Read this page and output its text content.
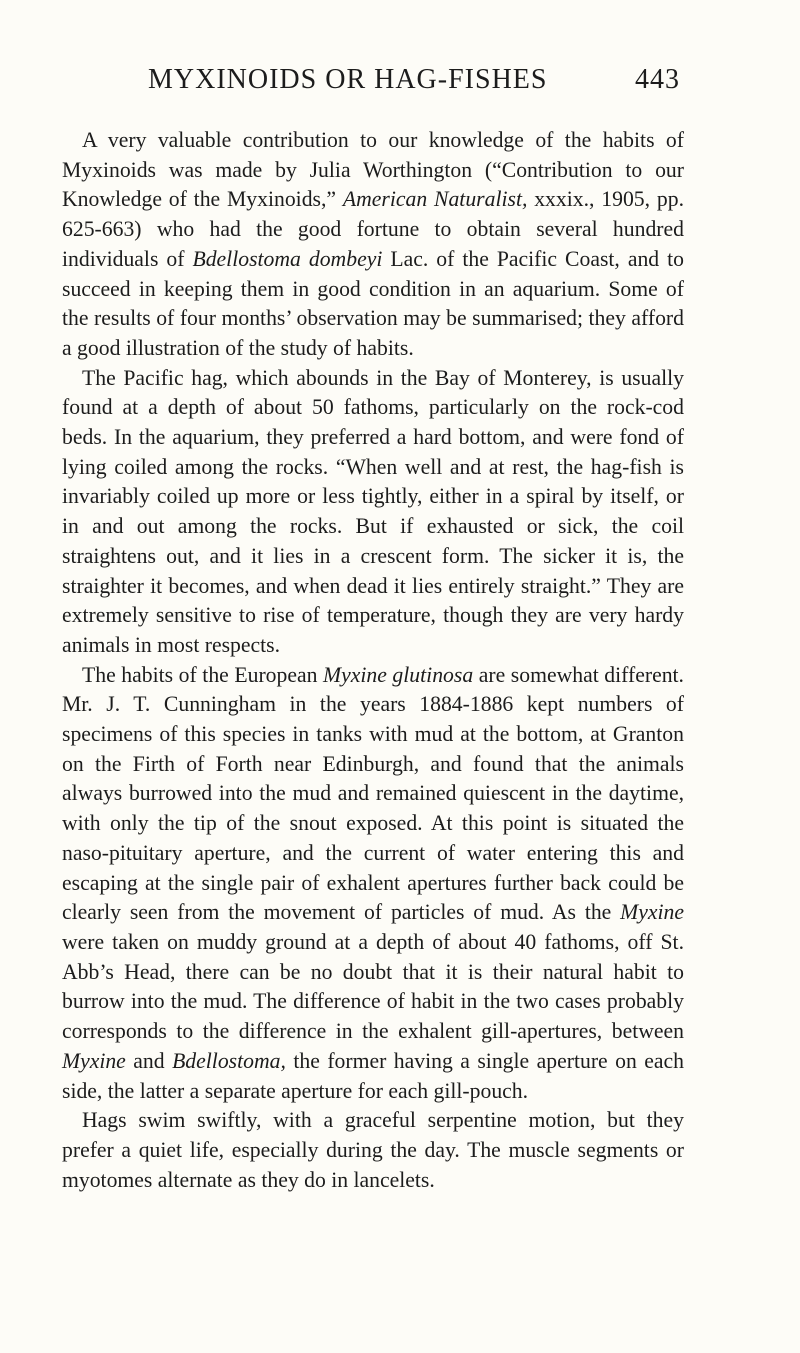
MYXINOIDS OR HAG-FISHES	443

A very valuable contribution to our knowledge of the habits of Myxinoids was made by Julia Worthington (“Contribution to our Knowledge of the Myxinoids,” American Naturalist, xxxix., 1905, pp. 625-663) who had the good fortune to obtain several hundred individuals of Bdellostoma dombeyi Lac. of the Pacific Coast, and to succeed in keeping them in good condition in an aquarium. Some of the results of four months’ observation may be summarised; they afford a good illustration of the study of habits.

The Pacific hag, which abounds in the Bay of Monterey, is usually found at a depth of about 50 fathoms, particularly on the rock-cod beds. In the aquarium, they preferred a hard bottom, and were fond of lying coiled among the rocks. “When well and at rest, the hag-fish is invariably coiled up more or less tightly, either in a spiral by itself, or in and out among the rocks. But if exhausted or sick, the coil straightens out, and it lies in a crescent form. The sicker it is, the straighter it becomes, and when dead it lies entirely straight.” They are extremely sensitive to rise of temperature, though they are very hardy animals in most respects.

The habits of the European Myxine glutinosa are somewhat different. Mr. J. T. Cunningham in the years 1884-1886 kept numbers of specimens of this species in tanks with mud at the bottom, at Granton on the Firth of Forth near Edinburgh, and found that the animals always burrowed into the mud and remained quiescent in the daytime, with only the tip of the snout exposed. At this point is situated the naso-pituitary aperture, and the current of water entering this and escaping at the single pair of exhalent apertures further back could be clearly seen from the movement of particles of mud. As the Myxine were taken on muddy ground at a depth of about 40 fathoms, off St. Abb’s Head, there can be no doubt that it is their natural habit to burrow into the mud. The difference of habit in the two cases probably corresponds to the difference in the exhalent gill-apertures, between Myxine and Bdellostoma, the former having a single aperture on each side, the latter a separate aperture for each gill-pouch.

Hags swim swiftly, with a graceful serpentine motion, but they prefer a quiet life, especially during the day. The muscle segments or myotomes alternate as they do in lancelets.
